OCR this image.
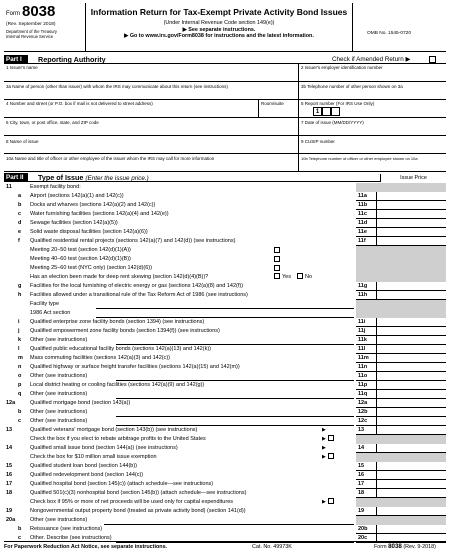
Form 8038
(Rev. September 2018)
Department of the Treasury
Internal Revenue Service
Information Return for Tax-Exempt Private Activity Bond Issues
(Under Internal Revenue Code section 149(e))
▶ See separate instructions.
▶ Go to www.irs.gov/Form8038 for instructions and the latest information.	OMB No. 1545-0720
Part I	Reporting Authority	Check if Amended Return ▶
1 Issuer's name	2 Issuer's employer identification number
3a Name of person (other than issuer) with whom the IRS may communicate about this return (see instructions)	3b Telephone number of other person shown on 3a
4 Number and street (or P.O. box if mail is not delivered to street address)	Room/suite	5 Report number (For IRS Use Only)
1
6 City, town, or post office, state, and ZIP code	7 Date of issue (MM/DD/YYYY)
8 Name of issue	9 CUSIP number
10a Name and title of officer or other employee of the issuer whom the IRS may call for more information	10b Telephone number of officer or other employee shown on 10a
Part II	Type of Issue (Enter the issue price.)	Issue Price
11	Exempt facility bond:
a Airport (sections 142(a)(1) and 142(c))	11a
b Docks and wharves (sections 142(a)(2) and 142(c))	11b
c Water furnishing facilities (sections 142(a)(4) and 142(e))	11c
d Sewage facilities (section 142(a)(5))	11d
e Solid waste disposal facilities (section 142(a)(6))	11e
f Qualified residential rental projects (sections 142(a)(7) and 142(d)) (see instructions)	11f
Meeting 20–50 test (section 142(d)(1)(A))
Meeting 40–60 test (section 142(d)(1)(B))
Meeting 25–60 test (NYC only) (section 142(d)(6))
Yes	No
Has an election been made for deep rent skewing (section 142(d)(4)(B))?
g Facilities for the local furnishing of electric energy or gas (sections 142(a)(8) and 142(f))	11g
h Facilities allowed under a transitional rule of the Tax Reform Act of 1986 (see instructions)	11h
Facility type
1986 Act section
i Qualified enterprise zone facility bonds (section 1394) (see instructions)	11i
j Qualified empowerment zone facility bonds (section 1394(f)) (see instructions)	11j
k Other (see instructions)	11k
l Qualified public educational facility bonds (sections 142(a)(13) and 142(k))	11l
m Mass commuting facilities (sections 142(a)(3) and 142(c))	11m
n Qualified highway or surface freight transfer facilities (sections 142(a)(15) and 142(m))	11n
o Other (see instructions)	11o
p Local district heating or cooling facilities (sections 142(a)(9) and 142(g))	11p
q Other (see instructions)	11q
12a	Qualified mortgage bond (section 143(a))	12a
b Other (see instructions)	12b
c Other (see instructions)	12c
13	Qualified veterans' mortgage bond (section 143(b)) (see instructions)	13
▶
▶
Check the box if you elect to rebate arbitrage profits to the United States
14	Qualified small issue bond (section 144(a)) (see instructions)	14
▶
▶
Check the box for $10 million small issue exemption
15	Qualified student loan bond (section 144(b))	15
16	Qualified redevelopment bond (section 144(c))	16
17	Qualified hospital bond (section 145(c)) (attach schedule—see instructions)	17
18	Qualified 501(c)(3) nonhospital bond (section 145(b)) (attach schedule—see instructions)	18
▶
Check box if 95% or more of net proceeds will be used only for capital expenditures
19	Nongovernmental output property bond (treated as private activity bond) (section 141(d))	19
20a	Other (see instructions)
b Reissuance (see instructions)	20b
c Other. Describe (see instructions)	20c
For Paperwork Reduction Act Notice, see separate instructions.	Cat. No. 49973K	Form 8038 (Rev. 9-2018)
